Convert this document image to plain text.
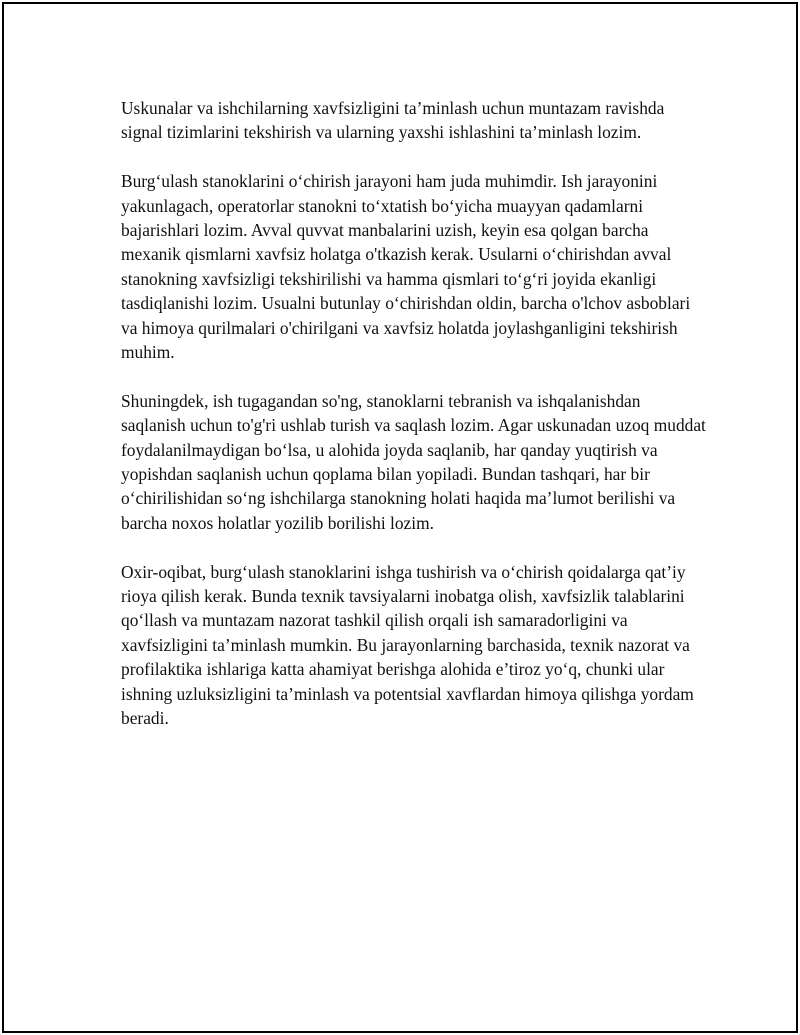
Uskunalar va ishchilarning xavfsizligini ta’minlash uchun muntazam ravishda signal tizimlarini tekshirish va ularning yaxshi ishlashini ta’minlash lozim.

Burg‘ulash stanoklarini o‘chirish jarayoni ham juda muhimdir. Ish jarayonini yakunlagach, operatorlar stanokni to‘xtatish bo‘yicha muayyan qadamlarni bajarishlari lozim. Avval quvvat manbalarini uzish, keyin esa qolgan barcha mexanik qismlarni xavfsiz holatga o'tkazish kerak. Usularni o‘chirishdan avval stanokning xavfsizligi tekshirilishi va hamma qismlari to‘g‘ri joyida ekanligi tasdiqlanishi lozim. Usualni butunlay o‘chirishdan oldin, barcha o'lchov asboblari va himoya qurilmalari o'chirilgani va xavfsiz holatda joylashganligini tekshirish muhim.

Shuningdek, ish tugagandan so'ng, stanoklarni tebranish va ishqalanishdan saqlanish uchun to'g'ri ushlab turish va saqlash lozim. Agar uskunadan uzoq muddat foydalanilmaydigan bo‘lsa, u alohida joyda saqlanib, har qanday yuqtirish va yopishdan saqlanish uchun qoplama bilan yopiladi. Bundan tashqari, har bir o‘chirilishidan so‘ng ishchilarga stanokning holati haqida ma’lumot berilishi va barcha noxos holatlar yozilib borilishi lozim.

Oxir-oqibat, burg‘ulash stanoklarini ishga tushirish va o‘chirish qoidalarga qat’iy rioya qilish kerak. Bunda texnik tavsiyalarni inobatga olish, xavfsizlik talablarini qo‘llash va muntazam nazorat tashkil qilish orqali ish samaradorligini va xavfsizligini ta’minlash mumkin. Bu jarayonlarning barchasida, texnik nazorat va profilaktika ishlariga katta ahamiyat berishga alohida e’tiroz yo‘q, chunki ular ishning uzluksizligini ta’minlash va potentsial xavflardan himoya qilishga yordam beradi.
